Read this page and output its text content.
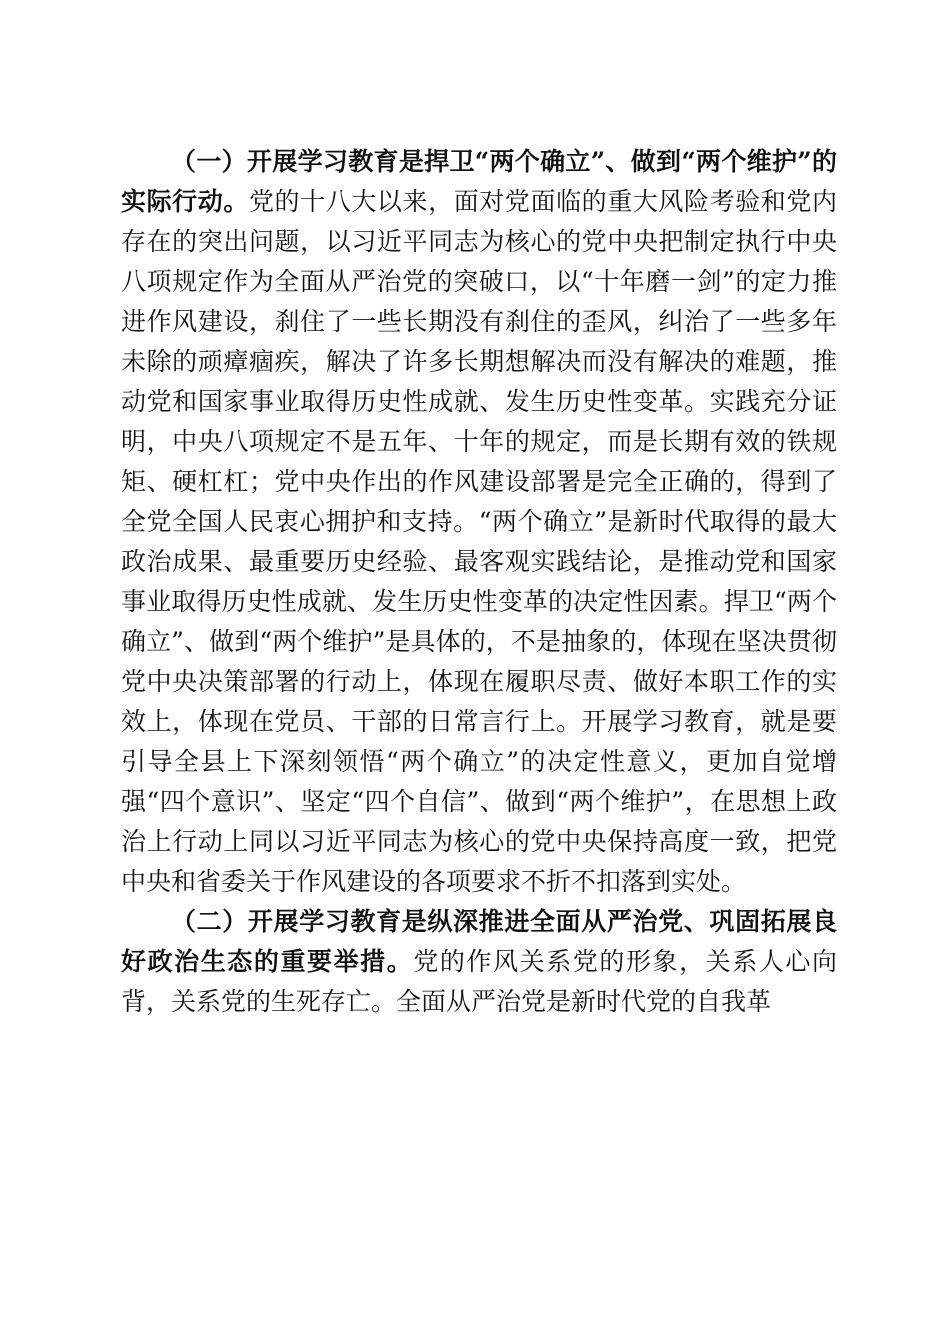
（一）开展学习教育是捍卫“两个确立”、做到“两个维护”的实际行动。党的十八大以来，面对党面临的重大风险考验和党内存在的突出问题，以习近平同志为核心的党中央把制定执行中央八项规定作为全面从严治党的突破口，以“十年磨一剑”的定力推进作风建设，刹住了一些长期没有刹住的歪风，纠治了一些多年未除的顽瘴痼疾，解决了许多长期想解决而没有解决的难题，推动党和国家事业取得历史性成就、发生历史性变革。实践充分证明，中央八项规定不是五年、十年的规定，而是长期有效的铁规矩、硬杠杠；党中央作出的作风建设部署是完全正确的，得到了全党全国人民衷心拥护和支持。“两个确立”是新时代取得的最大政治成果、最重要历史经验、最客观实践结论，是推动党和国家事业取得历史性成就、发生历史性变革的决定性因素。捍卫“两个确立”、做到“两个维护”是具体的，不是抽象的，体现在坚决贯彻党中央决策部署的行动上，体现在履职尽责、做好本职工作的实效上，体现在党员、干部的日常言行上。开展学习教育，就是要引导全县上下深刻领悟“两个确立”的决定性意义，更加自觉增强“四个意识”、坚定“四个自信”、做到“两个维护”，在思想上政治上行动上同以习近平同志为核心的党中央保持高度一致，把党中央和省委关于作风建设的各项要求不折不扣落到实处。

（二）开展学习教育是纵深推进全面从严治党、巩固拓展良好政治生态的重要举措。党的作风关系党的形象，关系人心向背，关系党的生死存亡。全面从严治党是新时代党的自我革
